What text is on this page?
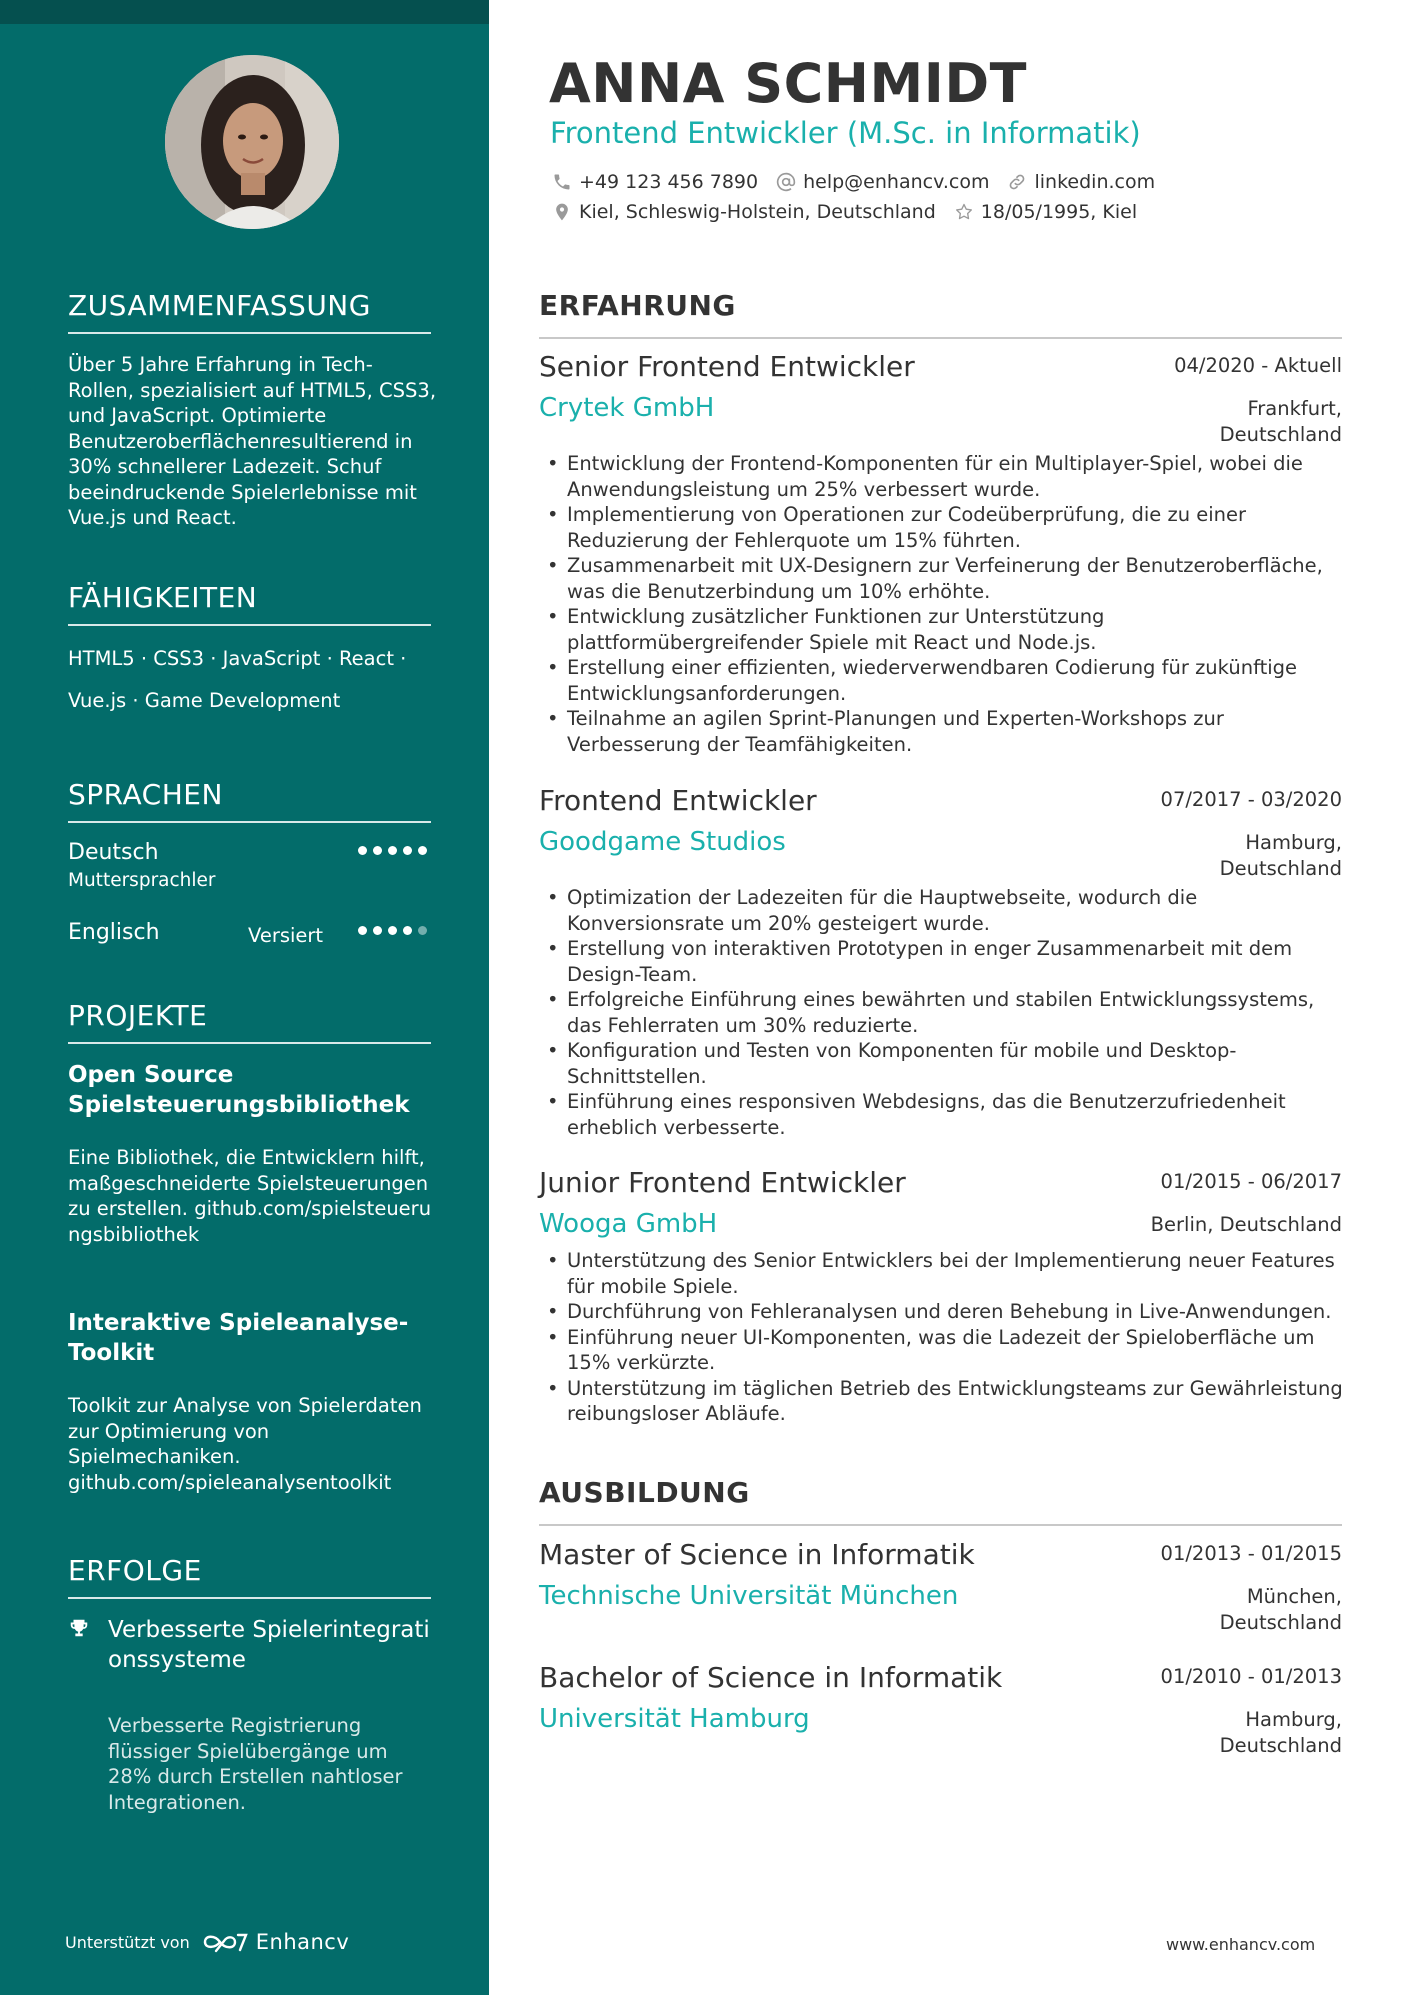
ZUSAMMENFASSUNG
Über 5 Jahre Erfahrung in Tech-Rollen, spezialisiert auf HTML5, CSS3, und JavaScript. Optimierte Benutzeroberflächenresultierend in 30% schnellerer Ladezeit. Schuf beeindruckende Spielerlebnisse mit Vue.js und React.
FÄHIGKEITEN
HTML5 · CSS3 · JavaScript · React ·
Vue.js · Game Development
SPRACHEN
Deutsch
Muttersprachler
Englisch	Versiert
PROJEKTE
Open Source Spielsteuerungsbibliothek
Eine Bibliothek, die Entwicklern hilft, maßgeschneiderte Spielsteuerungen zu erstellen. github.com/spielsteuerungsbibliothek
Interaktive Spieleanalyse-Toolkit
Toolkit zur Analyse von Spielerdaten zur Optimierung von Spielmechaniken. github.com/spieleanalysentoolkit
ERFOLGE
Verbesserte Spielerintegrationssysteme
Verbesserte Registrierung flüssiger Spielübergänge um 28% durch Erstellen nahtloser Integrationen.
Unterstützt von	Enhancv
ANNA SCHMIDT
Frontend Entwickler (M.Sc. in Informatik)
+49 123 456 7890 help@enhancv.com linkedin.com
Kiel, Schleswig-Holstein, Deutschland 18/05/1995, Kiel
ERFAHRUNG
Senior Frontend Entwickler	04/2020 - Aktuell
Crytek GmbH	Frankfurt, Deutschland
• Entwicklung der Frontend-Komponenten für ein Multiplayer-Spiel, wobei die Anwendungsleistung um 25% verbessert wurde.
• Implementierung von Operationen zur Codeüberprüfung, die zu einer Reduzierung der Fehlerquote um 15% führten.
• Zusammenarbeit mit UX-Designern zur Verfeinerung der Benutzeroberfläche, was die Benutzerbindung um 10% erhöhte.
• Entwicklung zusätzlicher Funktionen zur Unterstützung plattformübergreifender Spiele mit React und Node.js.
• Erstellung einer effizienten, wiederverwendbaren Codierung für zukünftige Entwicklungsanforderungen.
• Teilnahme an agilen Sprint-Planungen und Experten-Workshops zur Verbesserung der Teamfähigkeiten.
Frontend Entwickler	07/2017 - 03/2020
Goodgame Studios	Hamburg, Deutschland
• Optimization der Ladezeiten für die Hauptwebseite, wodurch die Konversionsrate um 20% gesteigert wurde.
• Erstellung von interaktiven Prototypen in enger Zusammenarbeit mit dem Design-Team.
• Erfolgreiche Einführung eines bewährten und stabilen Entwicklungssystems, das Fehlerraten um 30% reduzierte.
• Konfiguration und Testen von Komponenten für mobile und Desktop-Schnittstellen.
• Einführung eines responsiven Webdesigns, das die Benutzerzufriedenheit erheblich verbesserte.
Junior Frontend Entwickler	01/2015 - 06/2017
Wooga GmbH	Berlin, Deutschland
• Unterstützung des Senior Entwicklers bei der Implementierung neuer Features für mobile Spiele.
• Durchführung von Fehleranalysen und deren Behebung in Live-Anwendungen.
• Einführung neuer UI-Komponenten, was die Ladezeit der Spieloberfläche um 15% verkürzte.
• Unterstützung im täglichen Betrieb des Entwicklungsteams zur Gewährleistung reibungsloser Abläufe.
AUSBILDUNG
Master of Science in Informatik	01/2013 - 01/2015
Technische Universität München	München, Deutschland
Bachelor of Science in Informatik	01/2010 - 01/2013
Universität Hamburg	Hamburg, Deutschland
www.enhancv.com
